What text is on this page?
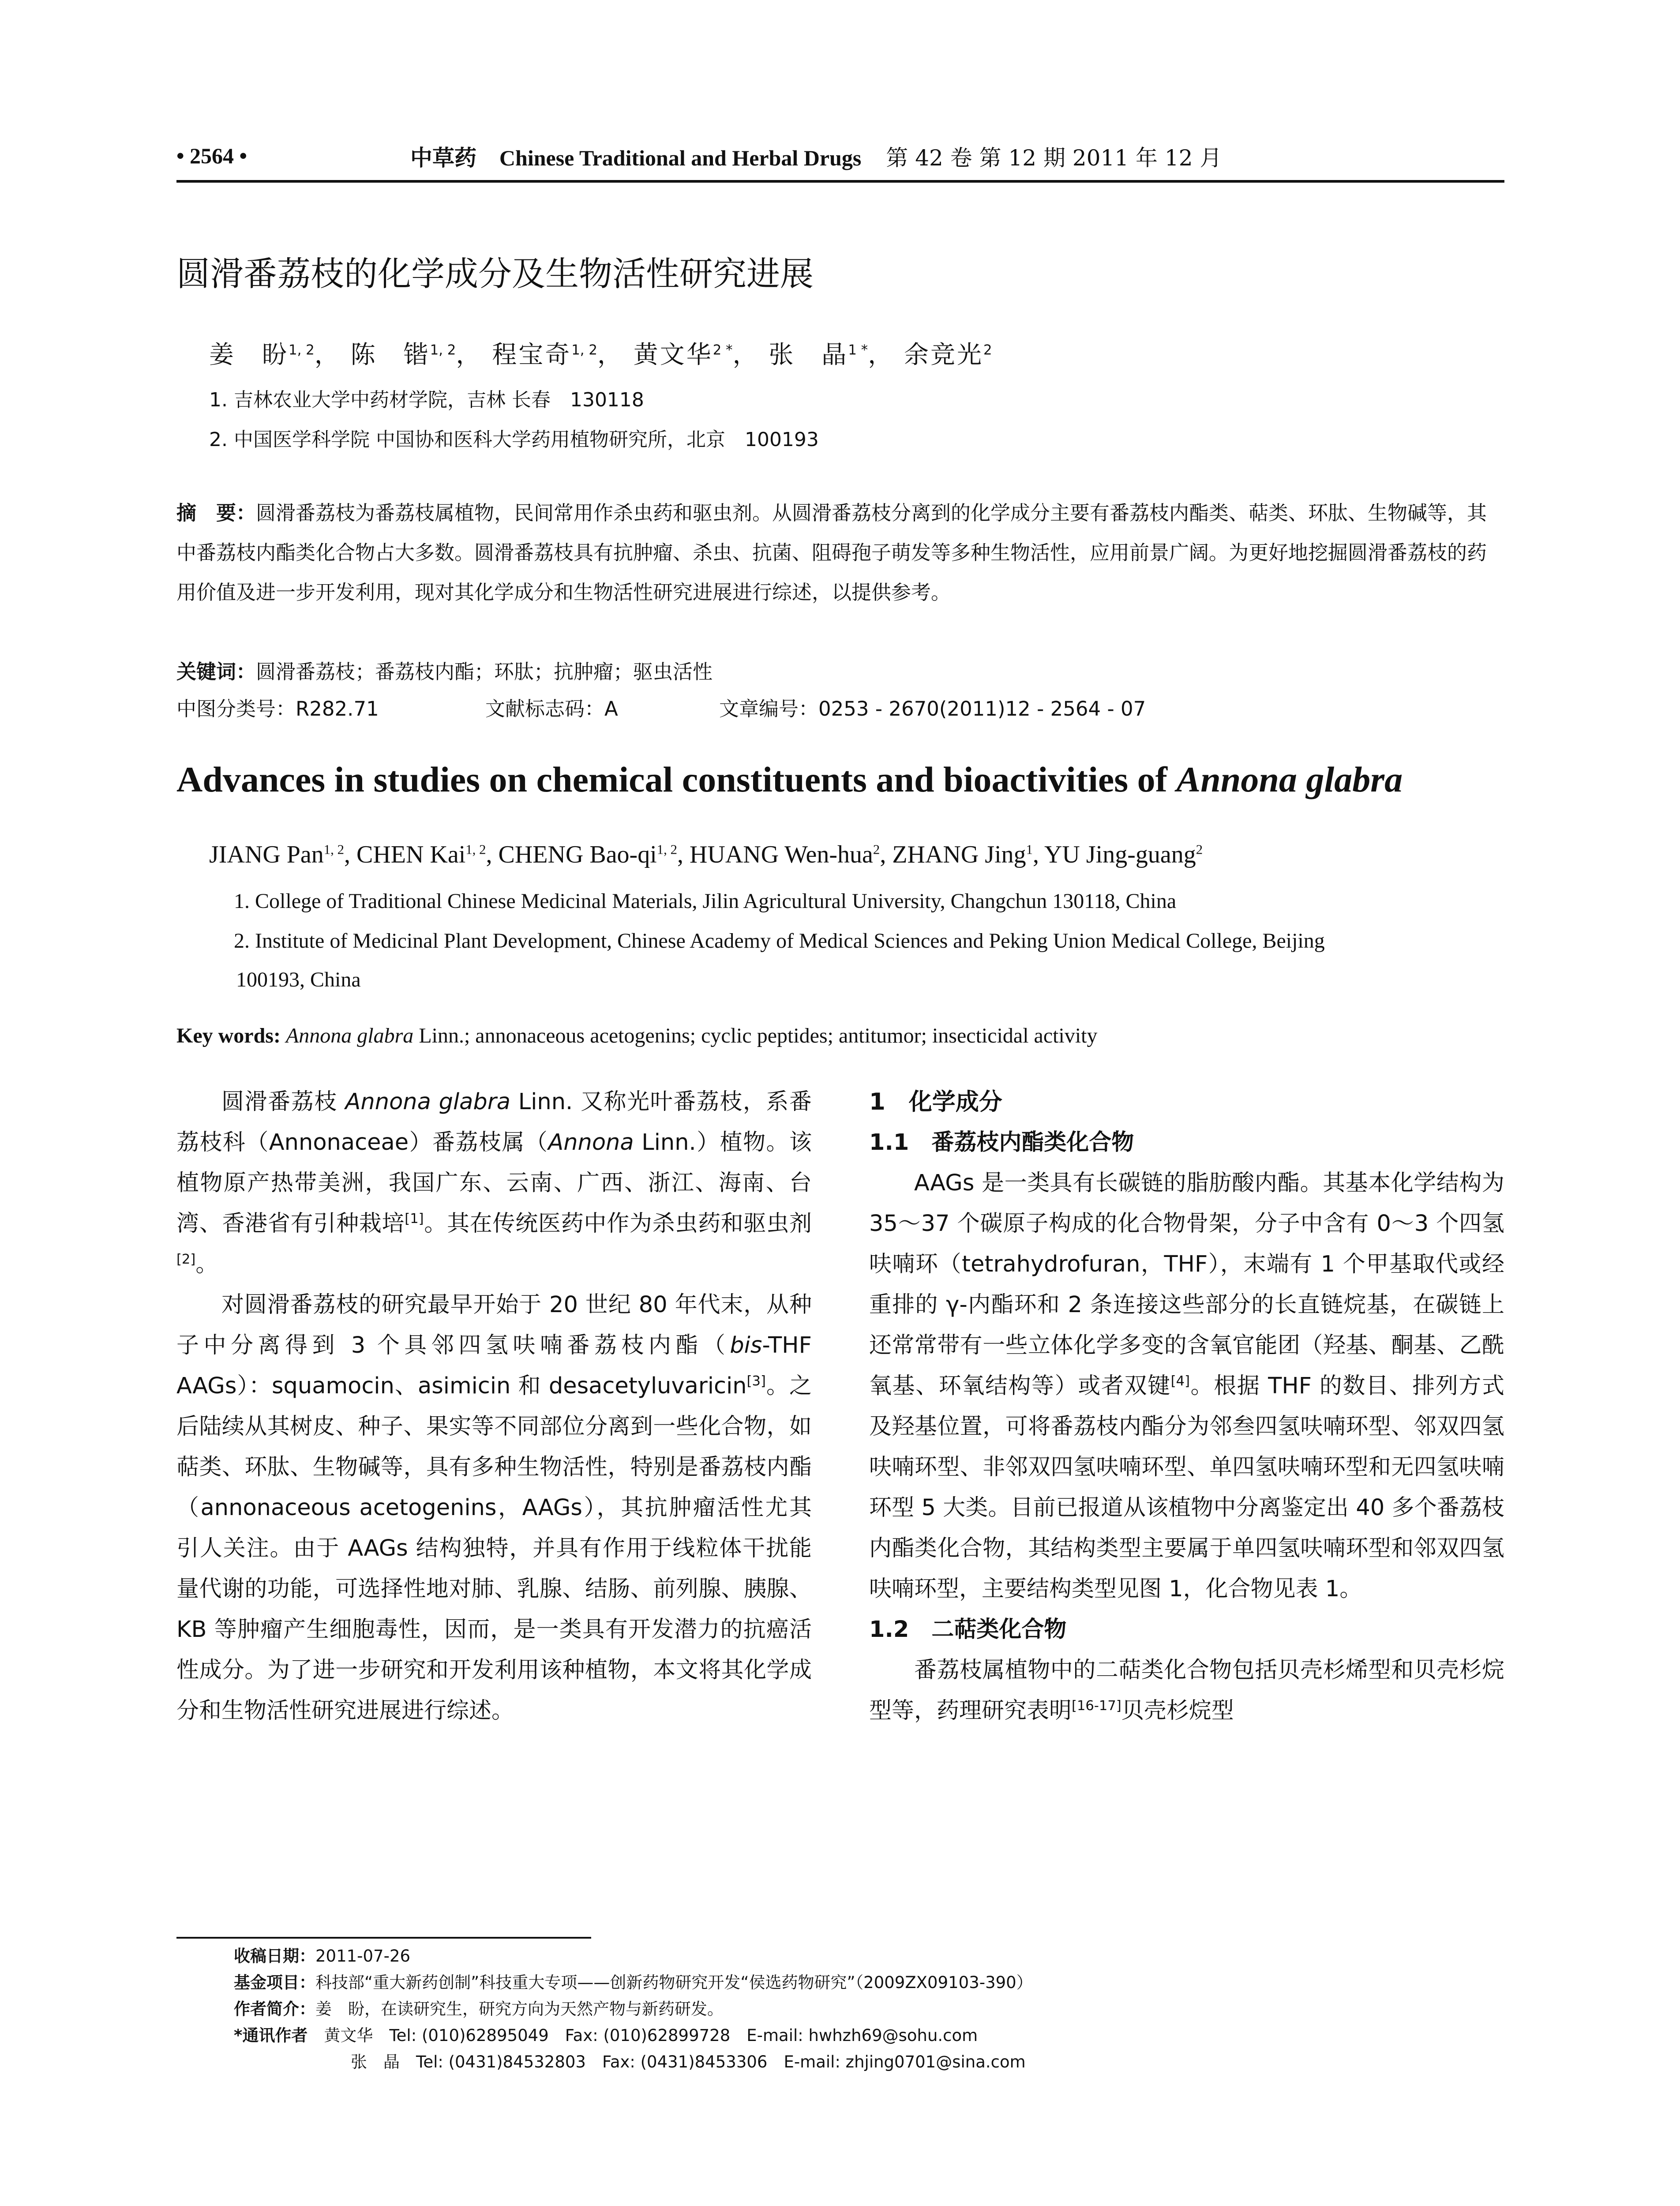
• 2564 •	中草药 Chinese Traditional and Herbal Drugs 第 42 卷 第 12 期 2011 年 12 月
圆滑番荔枝的化学成分及生物活性研究进展
姜　盼$^{1, 2}$， 陈　锴$^{1, 2}$， 程宝奇$^{1, 2}$， 黄文华$^{2 *}$， 张　晶$^{1 *}$， 余竞光$^2$
1. 吉林农业大学中药材学院，吉林 长春　130118
2. 中国医学科学院 中国协和医科大学药用植物研究所，北京　100193
摘　要：圆滑番荔枝为番荔枝属植物，民间常用作杀虫药和驱虫剂。从圆滑番荔枝分离到的化学成分主要有番荔枝内酯类、萜类、环肽、生物碱等，其中番荔枝内酯类化合物占大多数。圆滑番荔枝具有抗肿瘤、杀虫、抗菌、阻碍孢子萌发等多种生物活性，应用前景广阔。为更好地挖掘圆滑番荔枝的药用价值及进一步开发利用，现对其化学成分和生物活性研究进展进行综述，以提供参考。
关键词：圆滑番荔枝；番荔枝内酯；环肽；抗肿瘤；驱虫活性
中图分类号：R282.71	文献标志码：A	文章编号：0253 - 2670(2011)12 - 2564 - 07
Advances in studies on chemical constituents and bioactivities of Annona glabra
JIANG Pan$^{1, 2}$, CHEN Kai$^{1, 2}$, CHENG Bao-qi$^{1, 2}$, HUANG Wen-hua$^2$, ZHANG Jing$^1$, YU Jing-guang$^2$
1. College of Traditional Chinese Medicinal Materials, Jilin Agricultural University, Changchun 130118, China
2. Institute of Medicinal Plant Development, Chinese Academy of Medical Sciences and Peking Union Medical College, Beijing
100193, China
Key words: Annona glabra Linn.; annonaceous acetogenins; cyclic peptides; antitumor; insecticidal activity

圆滑番荔枝 Annona glabra Linn. 又称光叶番荔枝，系番荔枝科（Annonaceae）番荔枝属（Annona Linn.）植物。该植物原产热带美洲，我国广东、云南、广西、浙江、海南、台湾、香港省有引种栽培[1]。其在传统医药中作为杀虫药和驱虫剂[2]。

对圆滑番荔枝的研究最早开始于 20 世纪 80 年代末，从种子中分离得到 3 个具邻四氢呋喃番荔枝内酯（bis-THF AAGs）：squamocin、asimicin 和 desacetyluvaricin[3]。之后陆续从其树皮、种子、果实等不同部位分离到一些化合物，如萜类、环肽、生物碱等，具有多种生物活性，特别是番荔枝内酯（annonaceous acetogenins，AAGs），其抗肿瘤活性尤其引人关注。由于 AAGs 结构独特，并具有作用于线粒体干扰能量代谢的功能，可选择性地对肺、乳腺、结肠、前列腺、胰腺、KB 等肿瘤产生细胞毒性，因而，是一类具有开发潜力的抗癌活性成分。为了进一步研究和开发利用该种植物，本文将其化学成分和生物活性研究进展进行综述。

1　化学成分
1.1　番荔枝内酯类化合物

AAGs 是一类具有长碳链的脂肪酸内酯。其基本化学结构为 35～37 个碳原子构成的化合物骨架，分子中含有 0～3 个四氢呋喃环（tetrahydrofuran，THF），末端有 1 个甲基取代或经重排的 γ-内酯环和 2 条连接这些部分的长直链烷基，在碳链上还常常带有一些立体化学多变的含氧官能团（羟基、酮基、乙酰氧基、环氧结构等）或者双键[4]。根据 THF 的数目、排列方式及羟基位置，可将番荔枝内酯分为邻叁四氢呋喃环型、邻双四氢呋喃环型、非邻双四氢呋喃环型、单四氢呋喃环型和无四氢呋喃环型 5 大类。目前已报道从该植物中分离鉴定出 40 多个番荔枝内酯类化合物，其结构类型主要属于单四氢呋喃环型和邻双四氢呋喃环型，主要结构类型见图 1，化合物见表 1。

1.2　二萜类化合物

番荔枝属植物中的二萜类化合物包括贝壳杉烯型和贝壳杉烷型等，药理研究表明[16-17]贝壳杉烷型

收稿日期：2011-07-26
基金项目：科技部“重大新药创制”科技重大专项——创新药物研究开发“侯选药物研究”（2009ZX09103-390）
作者简介：姜　盼，在读研究生，研究方向为天然产物与新药研发。
*通讯作者　 黄文华　Tel: (010)62895049　Fax: (010)62899728　E-mail: hwhzh69@sohu.com
张　晶　Tel: (0431)84532803　Fax: (0431)8453306　E-mail: zhjing0701@sina.com
